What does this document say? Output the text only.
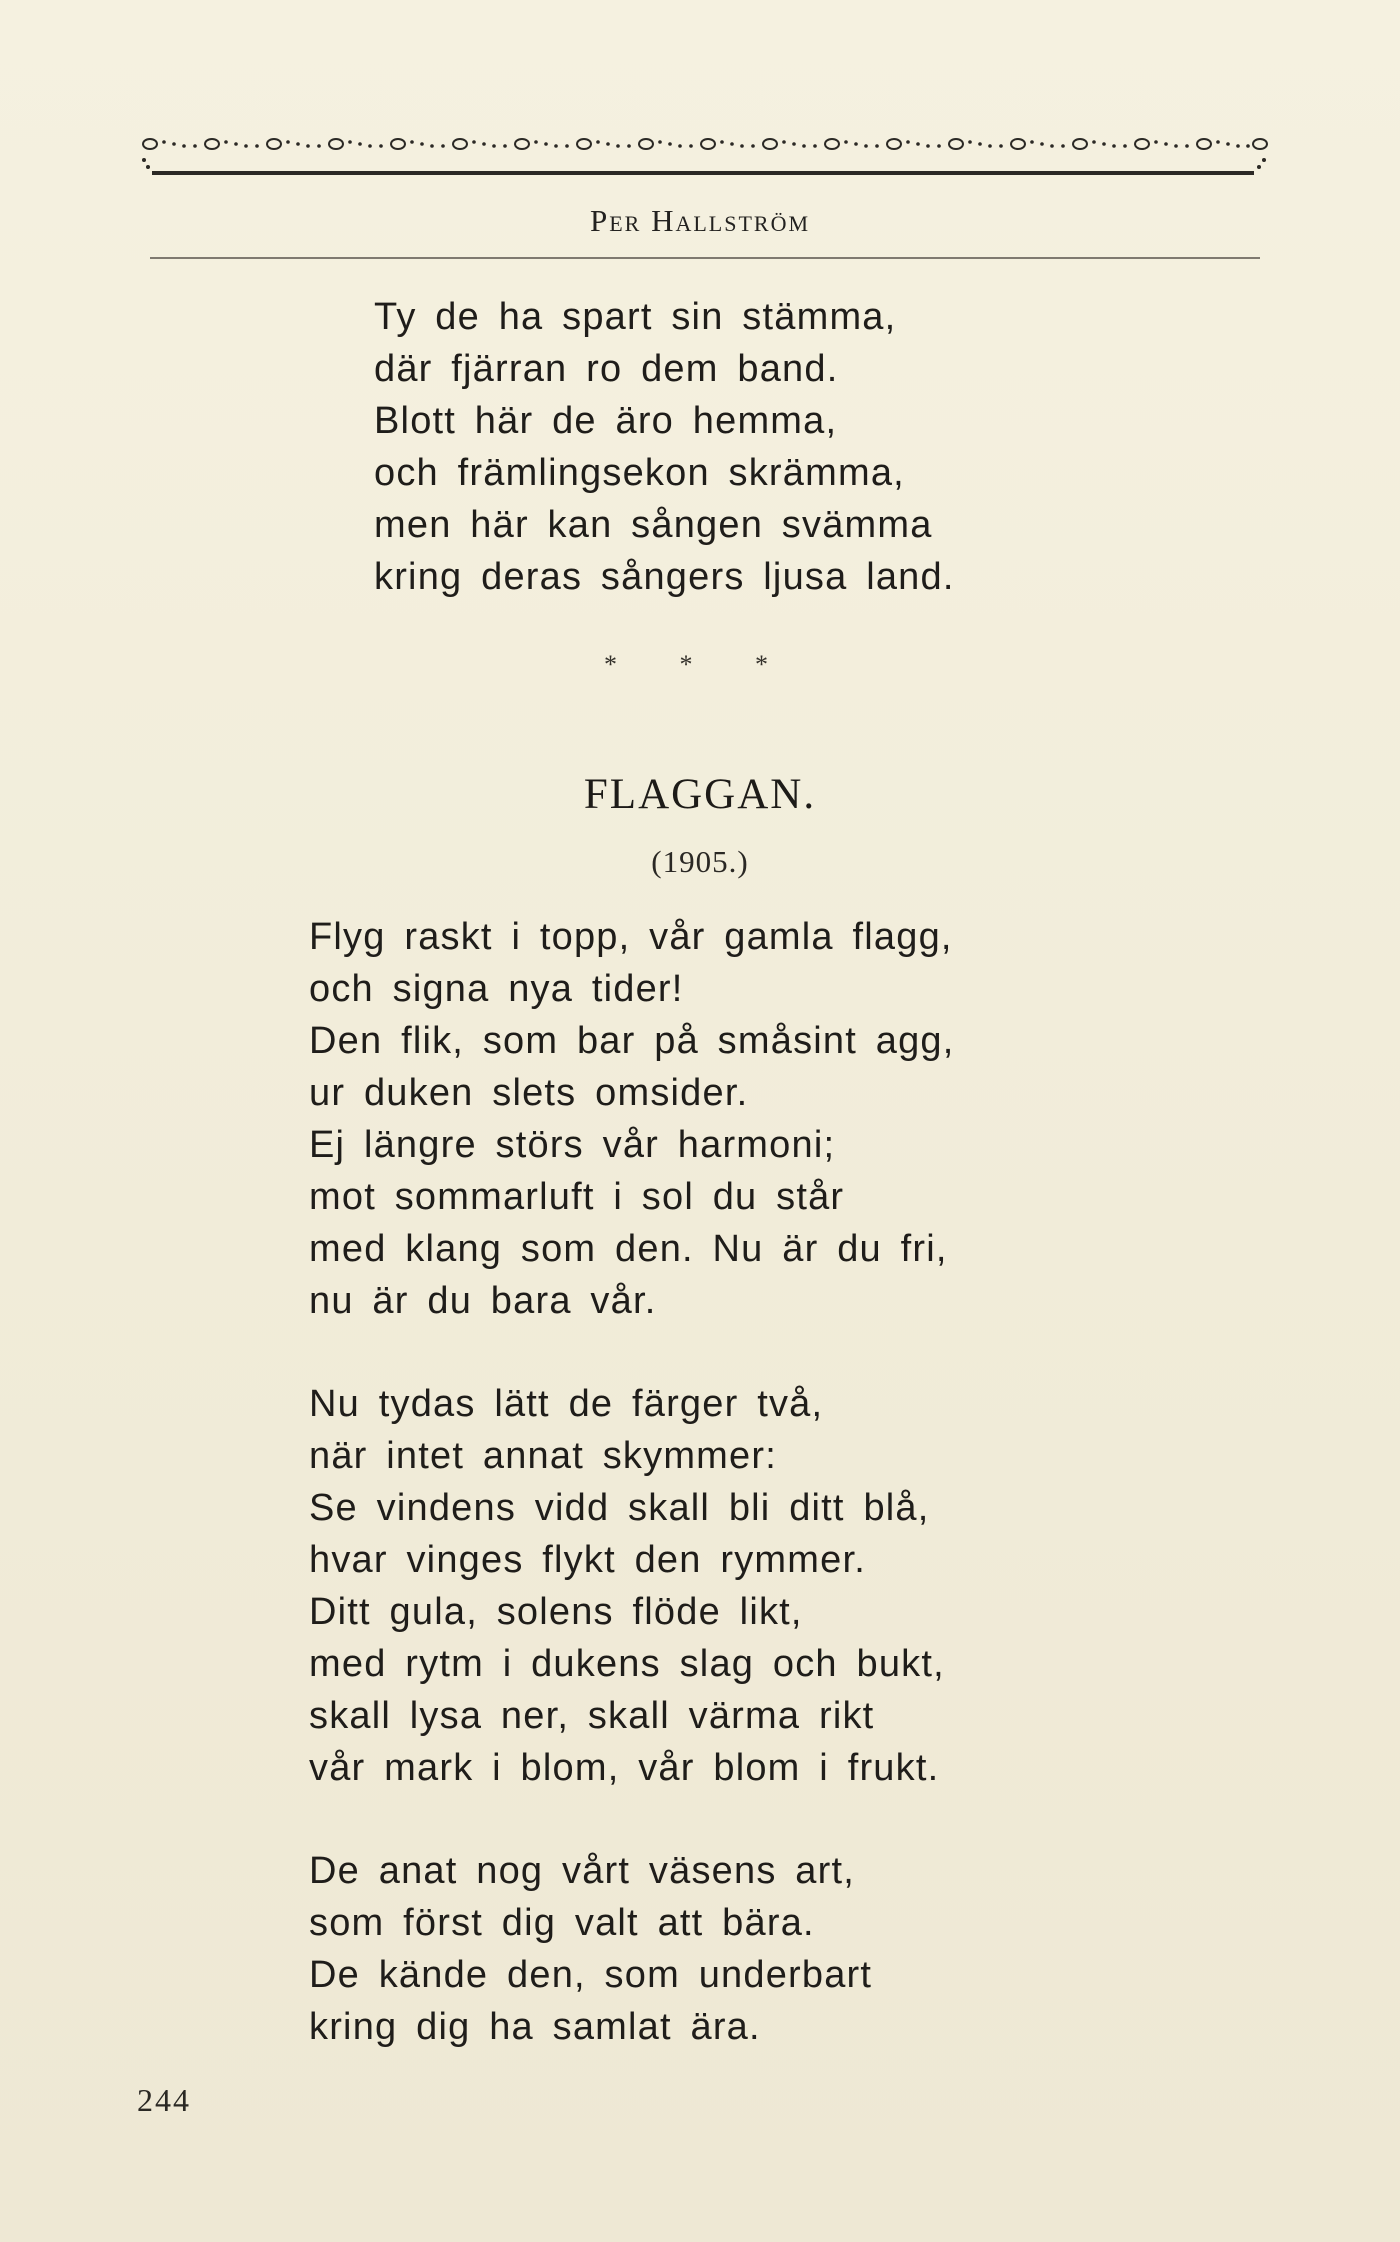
Per Hallström
Ty de ha spart sin stämma,
där fjärran ro dem band.
Blott här de äro hemma,
och främlingsekon skrämma,
men här kan sången svämma
kring deras sångers ljusa land.
* * *
FLAGGAN.
(1905.)
Flyg raskt i topp, vår gamla flagg,
och signa nya tider!
Den flik, som bar på småsint agg,
ur duken slets omsider.
Ej längre störs vår harmoni;
mot sommarluft i sol du står
med klang som den. Nu är du fri,
nu är du bara vår.
Nu tydas lätt de färger två,
när intet annat skymmer:
Se vindens vidd skall bli ditt blå,
hvar vinges flykt den rymmer.
Ditt gula, solens flöde likt,
med rytm i dukens slag och bukt,
skall lysa ner, skall värma rikt
vår mark i blom, vår blom i frukt.
De anat nog vårt väsens art,
som först dig valt att bära.
De kände den, som underbart
kring dig ha samlat ära.
244
